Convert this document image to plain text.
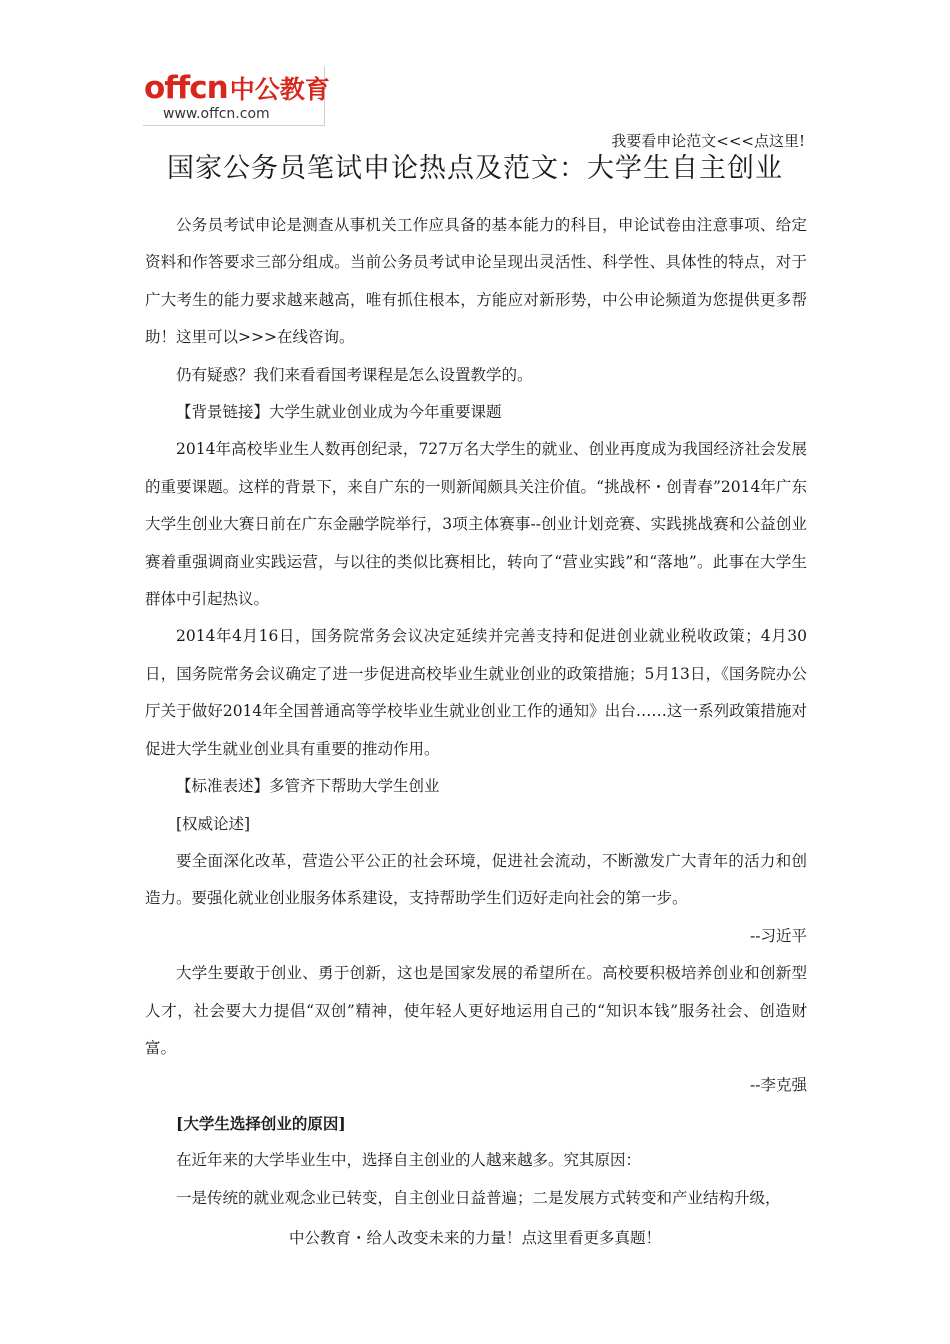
offcn中公教育
www.offcn.com
我要看申论范文<<<点这里!
国家公务员笔试申论热点及范文：大学生自主创业

公务员考试申论是测查从事机关工作应具备的基本能力的科目，申论试卷由注意事项、给定资料和作答要求三部分组成。当前公务员考试申论呈现出灵活性、科学性、具体性的特点，对于广大考生的能力要求越来越高，唯有抓住根本，方能应对新形势，中公申论频道为您提供更多帮助！这里可以>>>在线咨询。

仍有疑惑？我们来看看国考课程是怎么设置教学的。

【背景链接】大学生就业创业成为今年重要课题

2014年高校毕业生人数再创纪录，727万名大学生的就业、创业再度成为我国经济社会发展的重要课题。这样的背景下，来自广东的一则新闻颇具关注价值。“挑战杯・创青春”2014年广东大学生创业大赛日前在广东金融学院举行，3项主体赛事--创业计划竞赛、实践挑战赛和公益创业赛着重强调商业实践运营，与以往的类似比赛相比，转向了“营业实践”和“落地”。此事在大学生群体中引起热议。

2014年4月16日，国务院常务会议决定延续并完善支持和促进创业就业税收政策；4月30日，国务院常务会议确定了进一步促进高校毕业生就业创业的政策措施；5月13日，《国务院办公厅关于做好2014年全国普通高等学校毕业生就业创业工作的通知》出台……这一系列政策措施对促进大学生就业创业具有重要的推动作用。

【标准表述】多管齐下帮助大学生创业

[权威论述]

要全面深化改革，营造公平公正的社会环境，促进社会流动，不断激发广大青年的活力和创造力。要强化就业创业服务体系建设，支持帮助学生们迈好走向社会的第一步。

--习近平

大学生要敢于创业、勇于创新，这也是国家发展的希望所在。高校要积极培养创业和创新型人才，社会要大力提倡“双创”精神，使年轻人更好地运用自己的“知识本钱”服务社会、创造财富。

--李克强

[大学生选择创业的原因]

在近年来的大学毕业生中，选择自主创业的人越来越多。究其原因：

一是传统的就业观念业已转变，自主创业日益普遍；二是发展方式转变和产业结构升级，

中公教育・给人改变未来的力量！点这里看更多真题！
